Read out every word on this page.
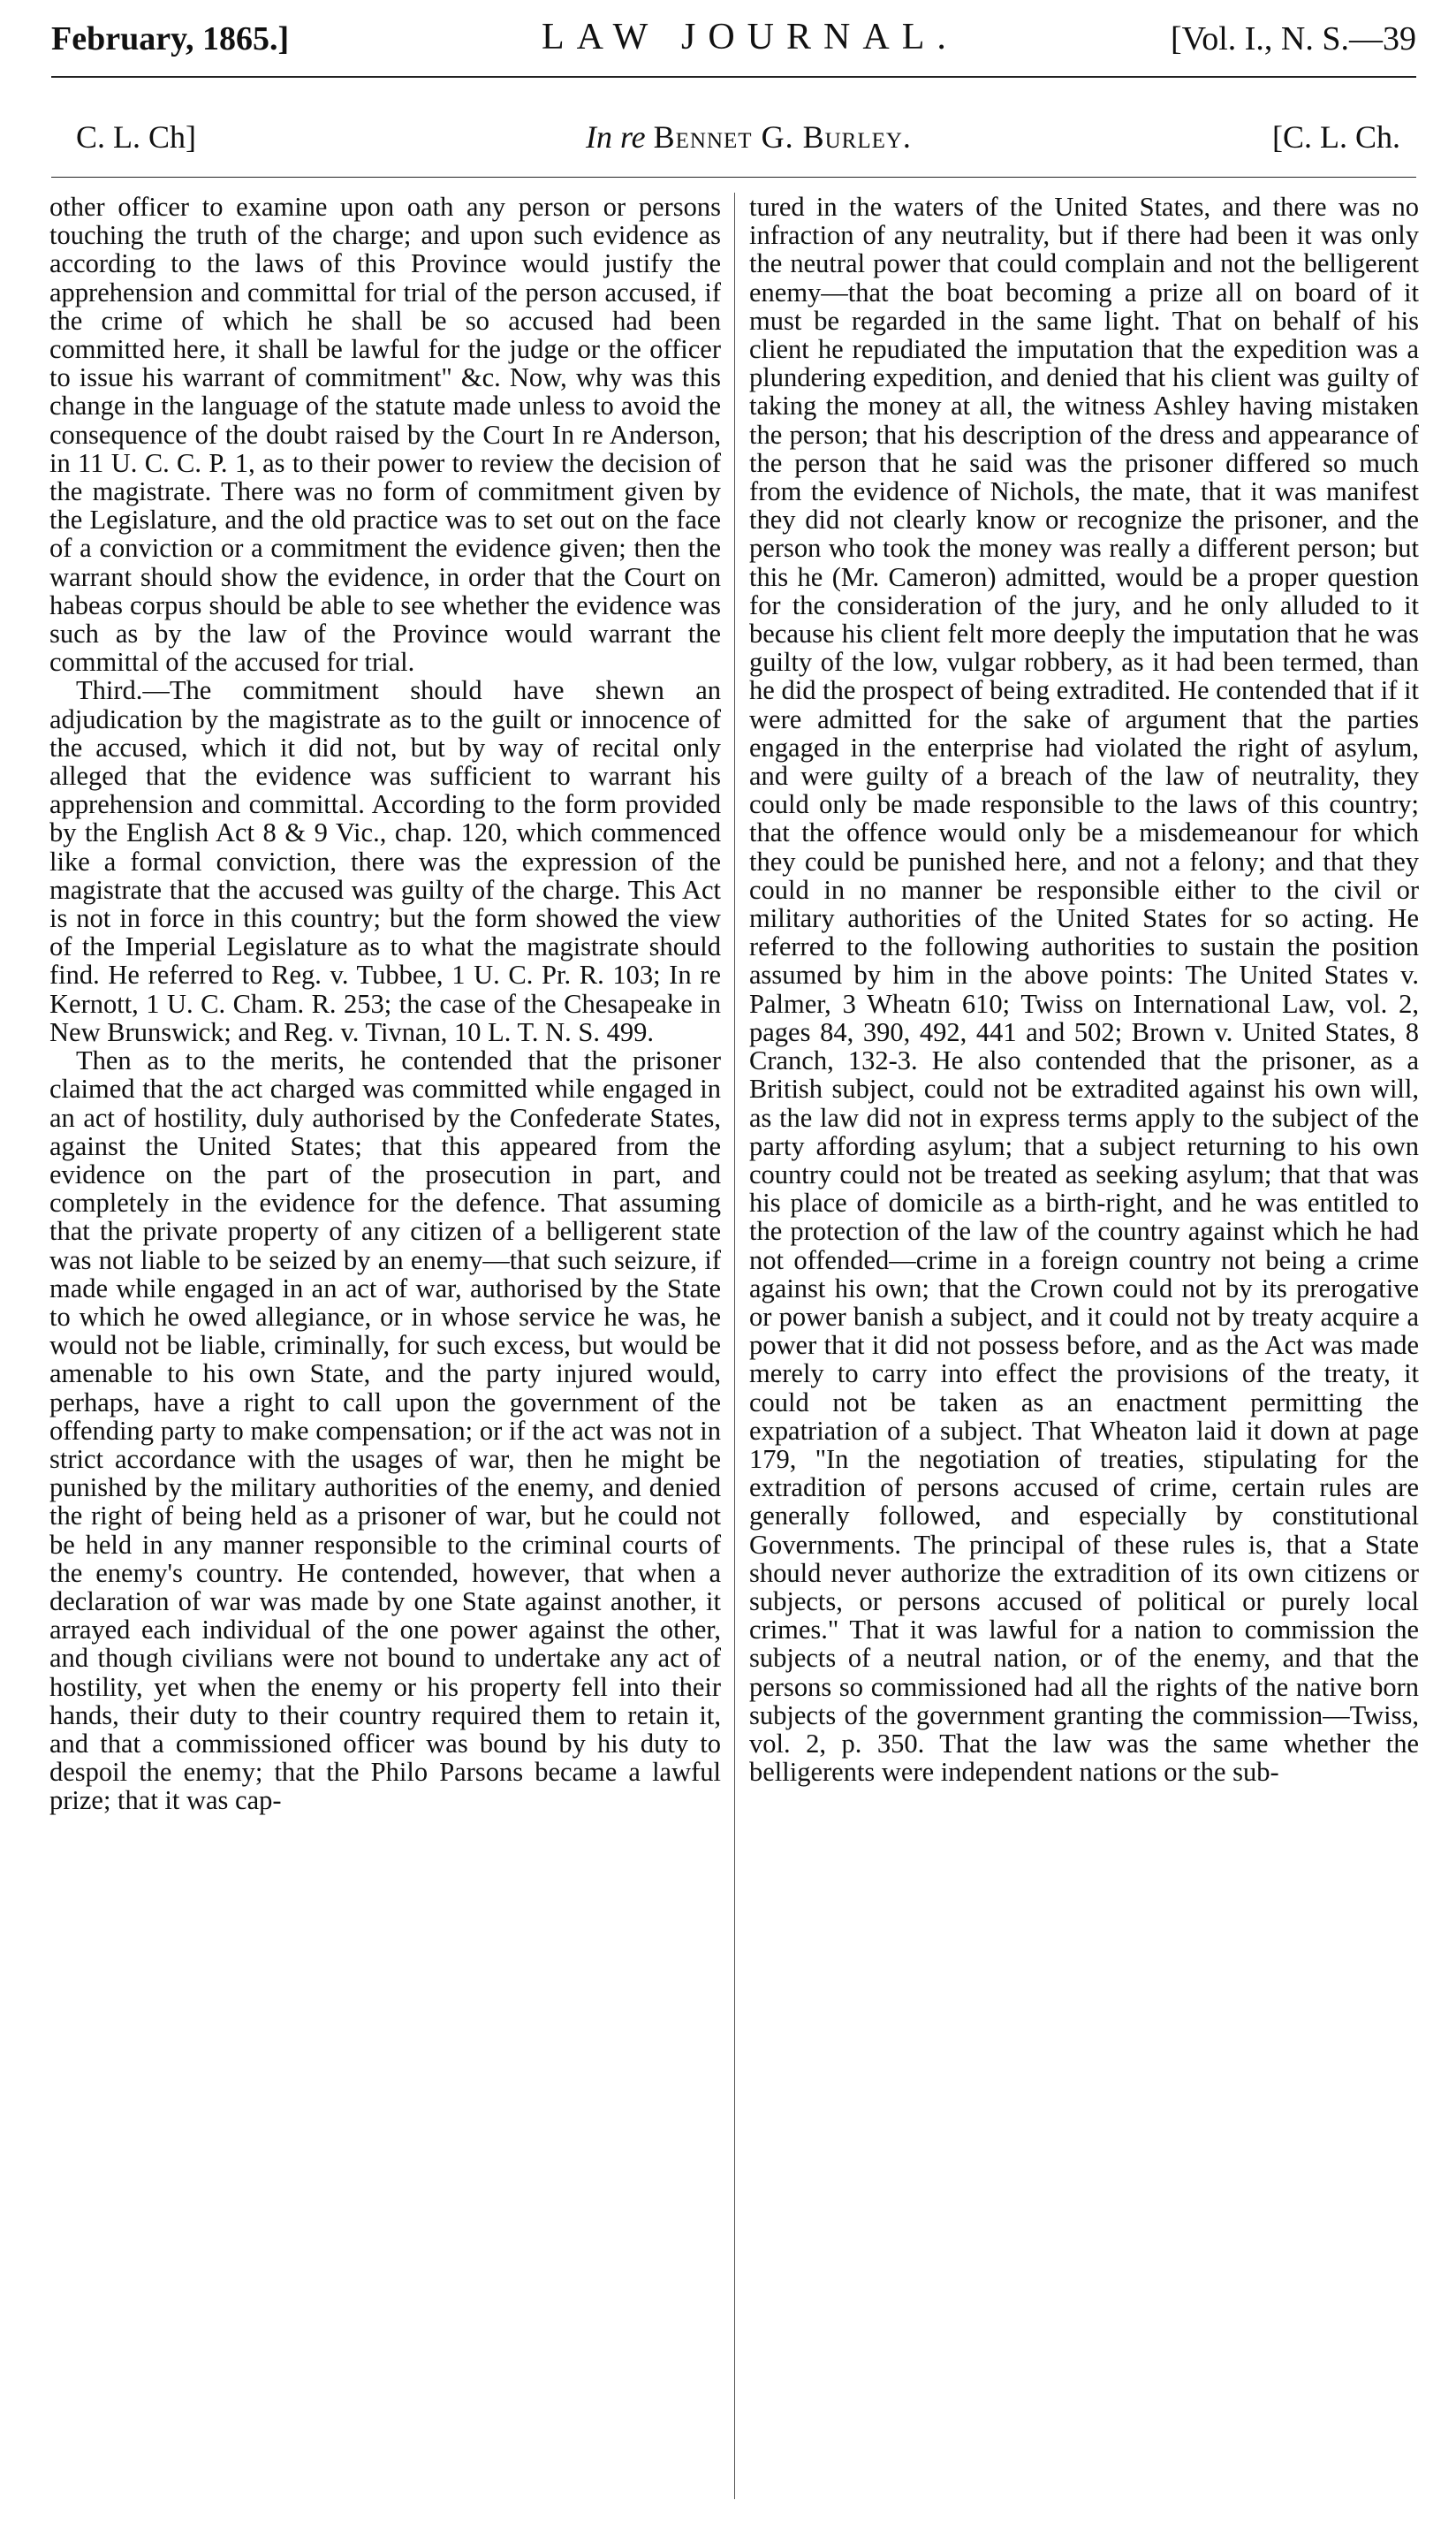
February, 1865.]	LAW JOURNAL.	[Vol. I., N. S.—39
C. L. Ch]	In re Bennet G. Burley.	[C. L. Ch.

other officer to examine upon oath any person or persons touching the truth of the charge; and upon such evidence as according to the laws of this Province would justify the apprehension and committal for trial of the person accused, if the crime of which he shall be so accused had been committed here, it shall be lawful for the judge or the officer to issue his warrant of commitment" &c. Now, why was this change in the language of the statute made unless to avoid the consequence of the doubt raised by the Court In re Anderson, in 11 U. C. C. P. 1, as to their power to review the decision of the magistrate. There was no form of commitment given by the Legislature, and the old practice was to set out on the face of a conviction or a commitment the evidence given; then the warrant should show the evidence, in order that the Court on habeas corpus should be able to see whether the evidence was such as by the law of the Province would warrant the committal of the accused for trial.

Third.—The commitment should have shewn an adjudication by the magistrate as to the guilt or innocence of the accused, which it did not, but by way of recital only alleged that the evidence was sufficient to warrant his apprehension and committal. According to the form provided by the English Act 8 & 9 Vic., chap. 120, which commenced like a formal conviction, there was the expression of the magistrate that the accused was guilty of the charge. This Act is not in force in this country; but the form showed the view of the Imperial Legislature as to what the magistrate should find. He referred to Reg. v. Tubbee, 1 U. C. Pr. R. 103; In re Kernott, 1 U. C. Cham. R. 253; the case of the Chesapeake in New Brunswick; and Reg. v. Tivnan, 10 L. T. N. S. 499.

Then as to the merits, he contended that the prisoner claimed that the act charged was committed while engaged in an act of hostility, duly authorised by the Confederate States, against the United States; that this appeared from the evidence on the part of the prosecution in part, and completely in the evidence for the defence. That assuming that the private property of any citizen of a belligerent state was not liable to be seized by an enemy—that such seizure, if made while engaged in an act of war, authorised by the State to which he owed allegiance, or in whose service he was, he would not be liable, criminally, for such excess, but would be amenable to his own State, and the party injured would, perhaps, have a right to call upon the government of the offending party to make compensation; or if the act was not in strict accordance with the usages of war, then he might be punished by the military authorities of the enemy, and denied the right of being held as a prisoner of war, but he could not be held in any manner responsible to the criminal courts of the enemy's country. He contended, however, that when a declaration of war was made by one State against another, it arrayed each individual of the one power against the other, and though civilians were not bound to undertake any act of hostility, yet when the enemy or his property fell into their hands, their duty to their country required them to retain it, and that a commissioned officer was bound by his duty to despoil the enemy; that the Philo Parsons became a lawful prize; that it was cap-

tured in the waters of the United States, and there was no infraction of any neutrality, but if there had been it was only the neutral power that could complain and not the belligerent enemy—that the boat becoming a prize all on board of it must be regarded in the same light. That on behalf of his client he repudiated the imputation that the expedition was a plundering expedition, and denied that his client was guilty of taking the money at all, the witness Ashley having mistaken the person; that his description of the dress and appearance of the person that he said was the prisoner differed so much from the evidence of Nichols, the mate, that it was manifest they did not clearly know or recognize the prisoner, and the person who took the money was really a different person; but this he (Mr. Cameron) admitted, would be a proper question for the consideration of the jury, and he only alluded to it because his client felt more deeply the imputation that he was guilty of the low, vulgar robbery, as it had been termed, than he did the prospect of being extradited. He contended that if it were admitted for the sake of argument that the parties engaged in the enterprise had violated the right of asylum, and were guilty of a breach of the law of neutrality, they could only be made responsible to the laws of this country; that the offence would only be a misdemeanour for which they could be punished here, and not a felony; and that they could in no manner be responsible either to the civil or military authorities of the United States for so acting. He referred to the following authorities to sustain the position assumed by him in the above points: The United States v. Palmer, 3 Wheatn 610; Twiss on International Law, vol. 2, pages 84, 390, 492, 441 and 502; Brown v. United States, 8 Cranch, 132-3. He also contended that the prisoner, as a British subject, could not be extradited against his own will, as the law did not in express terms apply to the subject of the party affording asylum; that a subject returning to his own country could not be treated as seeking asylum; that that was his place of domicile as a birth-right, and he was entitled to the protection of the law of the country against which he had not offended—crime in a foreign country not being a crime against his own; that the Crown could not by its prerogative or power banish a subject, and it could not by treaty acquire a power that it did not possess before, and as the Act was made merely to carry into effect the provisions of the treaty, it could not be taken as an enactment permitting the expatriation of a subject. That Wheaton laid it down at page 179, "In the negotiation of treaties, stipulating for the extradition of persons accused of crime, certain rules are generally followed, and especially by constitutional Governments. The principal of these rules is, that a State should never authorize the extradition of its own citizens or subjects, or persons accused of political or purely local crimes." That it was lawful for a nation to commission the subjects of a neutral nation, or of the enemy, and that the persons so commissioned had all the rights of the native born subjects of the government granting the commission—Twiss, vol. 2, p. 350. That the law was the same whether the belligerents were independent nations or the sub-
